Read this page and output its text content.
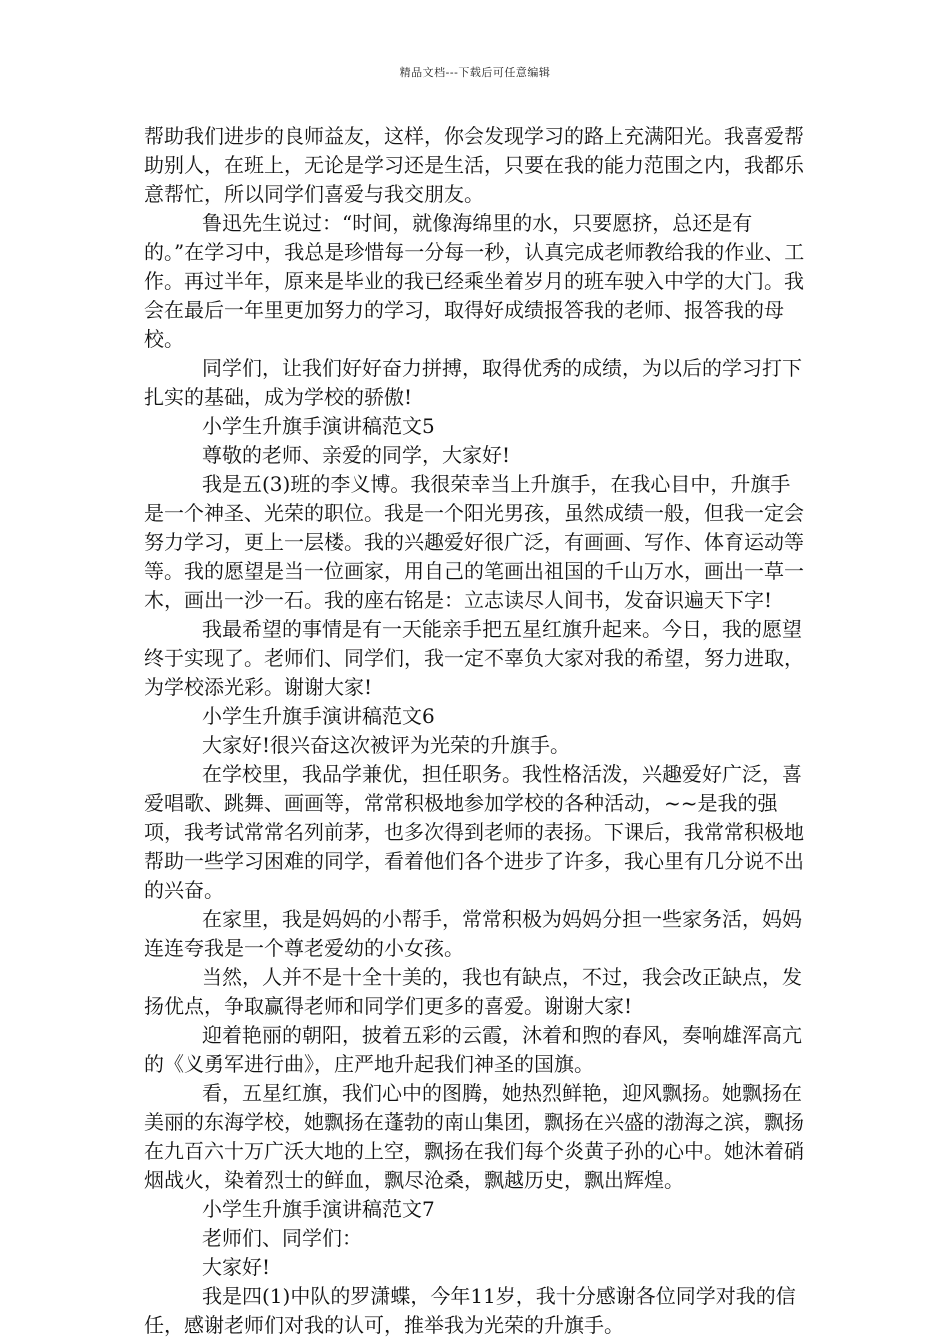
精品文档---下载后可任意编辑

帮助我们进步的良师益友，这样，你会发现学习的路上充满阳光。我喜爱帮助别人，在班上，无论是学习还是生活，只要在我的能力范围之内，我都乐意帮忙，所以同学们喜爱与我交朋友。

鲁迅先生说过：“时间，就像海绵里的水，只要愿挤，总还是有的。”在学习中，我总是珍惜每一分每一秒，认真完成老师教给我的作业、工作。再过半年，原来是毕业的我已经乘坐着岁月的班车驶入中学的大门。我会在最后一年里更加努力的学习，取得好成绩报答我的老师、报答我的母校。

同学们，让我们好好奋力拼搏，取得优秀的成绩，为以后的学习打下扎实的基础，成为学校的骄傲!

小学生升旗手演讲稿范文5

尊敬的老师、亲爱的同学，大家好!

我是五(3)班的李义博。我很荣幸当上升旗手，在我心目中，升旗手是一个神圣、光荣的职位。我是一个阳光男孩，虽然成绩一般，但我一定会努力学习，更上一层楼。我的兴趣爱好很广泛，有画画、写作、体育运动等等。我的愿望是当一位画家，用自己的笔画出祖国的千山万水，画出一草一木，画出一沙一石。我的座右铭是：立志读尽人间书，发奋识遍天下字!

我最希望的事情是有一天能亲手把五星红旗升起来。今日，我的愿望终于实现了。老师们、同学们，我一定不辜负大家对我的希望，努力进取，为学校添光彩。谢谢大家!

小学生升旗手演讲稿范文6

大家好!很兴奋这次被评为光荣的升旗手。

在学校里，我品学兼优，担任职务。我性格活泼，兴趣爱好广泛，喜爱唱歌、跳舞、画画等，常常积极地参加学校的各种活动，~~是我的强项，我考试常常名列前茅，也多次得到老师的表扬。下课后，我常常积极地帮助一些学习困难的同学，看着他们各个进步了许多，我心里有几分说不出的兴奋。

在家里，我是妈妈的小帮手，常常积极为妈妈分担一些家务活，妈妈连连夸我是一个尊老爱幼的小女孩。

当然，人并不是十全十美的，我也有缺点，不过，我会改正缺点，发扬优点，争取赢得老师和同学们更多的喜爱。谢谢大家!

迎着艳丽的朝阳，披着五彩的云霞，沐着和煦的春风，奏响雄浑高亢的《义勇军进行曲》，庄严地升起我们神圣的国旗。

看，五星红旗，我们心中的图腾，她热烈鲜艳，迎风飘扬。她飘扬在美丽的东海学校，她飘扬在蓬勃的南山集团，飘扬在兴盛的渤海之滨，飘扬在九百六十万广沃大地的上空，飘扬在我们每个炎黄子孙的心中。她沐着硝烟战火，染着烈士的鲜血，飘尽沧桑，飘越历史，飘出辉煌。

小学生升旗手演讲稿范文7

老师们、同学们：

大家好!

我是四(1)中队的罗潇蝶，今年11岁，我十分感谢各位同学对我的信任，感谢老师们对我的认可，推举我为光荣的升旗手。
